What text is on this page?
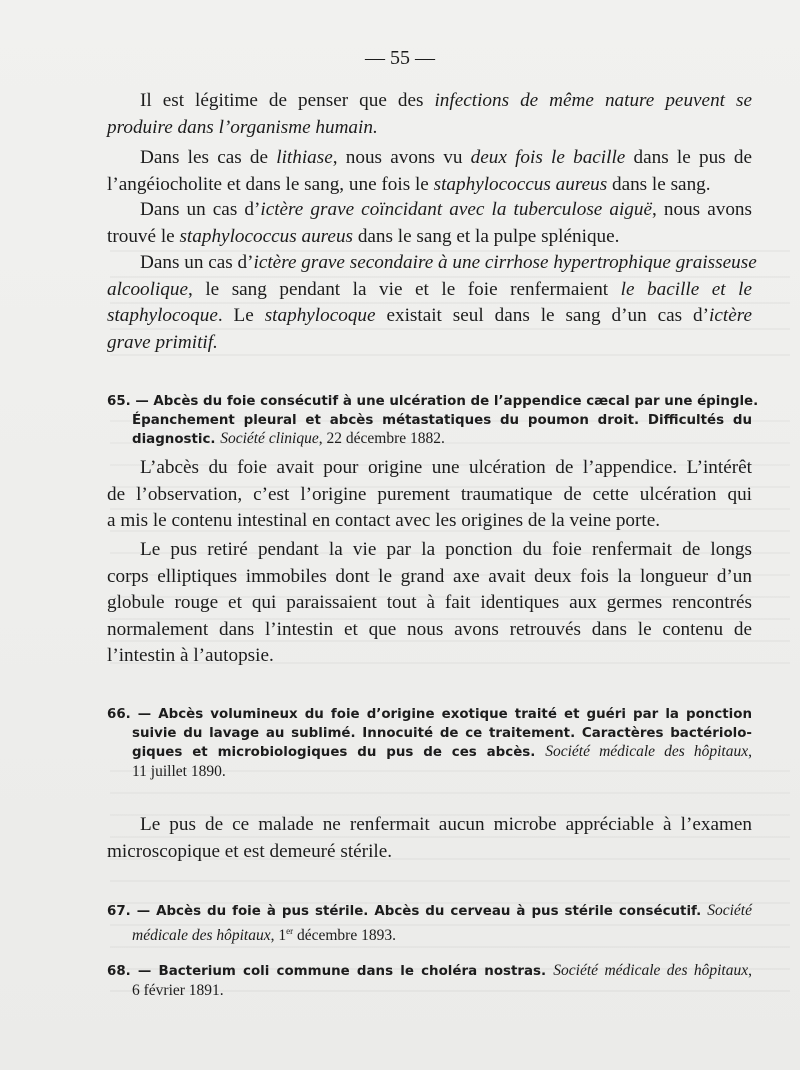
— 55 —
Il est légitime de penser que des infections de même nature peuvent se
produire dans l’organisme humain.
Dans les cas de lithiase, nous avons vu deux fois le bacille dans le pus de
l’angéiocholite et dans le sang, une fois le staphylococcus aureus dans le sang.
Dans un cas d’ictère grave coïncidant avec la tuberculose aiguë, nous avons
trouvé le staphylococcus aureus dans le sang et la pulpe splénique.
Dans un cas d’ictère grave secondaire à une cirrhose hypertrophique graisseuse
alcoolique, le sang pendant la vie et le foie renfermaient le bacille et le
staphylocoque. Le staphylocoque existait seul dans le sang d’un cas d’ictère
grave primitif.
65. — Abcès du foie consécutif à une ulcération de l’appendice cæcal par une épingle.
Épanchement pleural et abcès métastatiques du poumon droit. Difficultés du
diagnostic. Société clinique, 22 décembre 1882.
L’abcès du foie avait pour origine une ulcération de l’appendice. L’intérêt
de l’observation, c’est l’origine purement traumatique de cette ulcération qui
a mis le contenu intestinal en contact avec les origines de la veine porte.
Le pus retiré pendant la vie par la ponction du foie renfermait de longs
corps elliptiques immobiles dont le grand axe avait deux fois la longueur d’un
globule rouge et qui paraissaient tout à fait identiques aux germes rencontrés
normalement dans l’intestin et que nous avons retrouvés dans le contenu de
l’intestin à l’autopsie.
66. — Abcès volumineux du foie d’origine exotique traité et guéri par la ponction
suivie du lavage au sublimé. Innocuité de ce traitement. Caractères bactériolo-
giques et microbiologiques du pus de ces abcès. Société médicale des hôpitaux,
11 juillet 1890.
Le pus de ce malade ne renfermait aucun microbe appréciable à l’examen
microscopique et est demeuré stérile.
67. — Abcès du foie à pus stérile. Abcès du cerveau à pus stérile consécutif. Société
médicale des hôpitaux, 1er décembre 1893.
68. — Bacterium coli commune dans le choléra nostras. Société médicale des hôpitaux,
6 février 1891.
